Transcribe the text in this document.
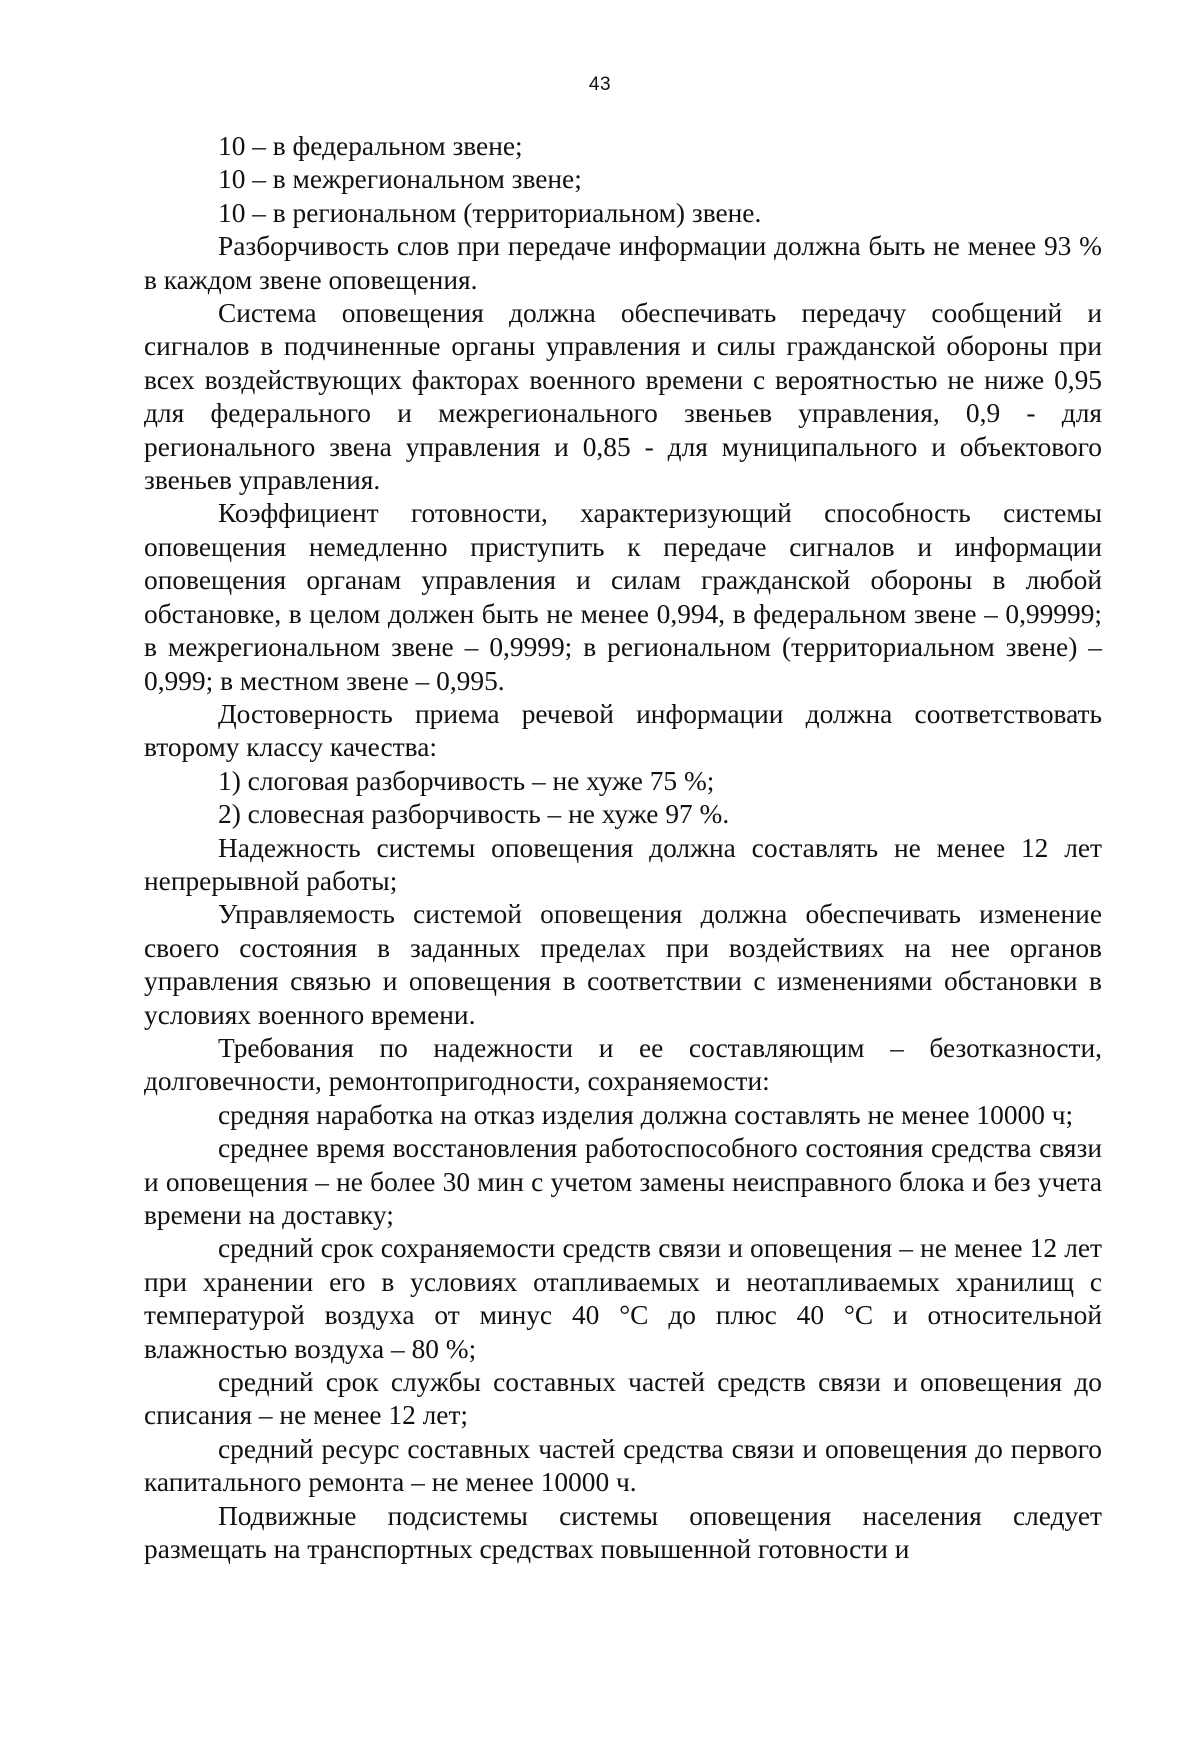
43

10 – в федеральном звене;

10 – в межрегиональном звене;

10 – в региональном (территориальном) звене.

Разборчивость слов при передаче информации должна быть не менее 93 % в каждом звене оповещения.

Система оповещения должна обеспечивать передачу сообщений и сигналов в подчиненные органы управления и силы гражданской обороны при всех воздействующих факторах военного времени с вероятностью не ниже 0,95 для федерального и межрегионального звеньев управления, 0,9 - для регионального звена управления и 0,85 - для муниципального и объектового звеньев управления.

Коэффициент готовности, характеризующий способность системы оповещения немедленно приступить к передаче сигналов и информации оповещения органам управления и силам гражданской обороны в любой обстановке, в целом должен быть не менее 0,994, в федеральном звене – 0,99999; в межрегиональном звене – 0,9999; в региональном (территориальном звене) – 0,999; в местном звене – 0,995.

Достоверность приема речевой информации должна соответствовать второму классу качества:

1) слоговая разборчивость – не хуже 75 %;

2) словесная разборчивость – не хуже 97 %.

Надежность системы оповещения должна составлять не менее 12 лет непрерывной работы;

Управляемость системой оповещения должна обеспечивать изменение своего состояния в заданных пределах при воздействиях на нее органов управления связью и оповещения в соответствии с изменениями обстановки в условиях военного времени.

Требования по надежности и ее составляющим – безотказности, долговечности, ремонтопригодности, сохраняемости:

средняя наработка на отказ изделия должна составлять не менее 10000 ч;

среднее время восстановления работоспособного состояния средства связи и оповещения – не более 30 мин с учетом замены неисправного блока и без учета времени на доставку;

средний срок сохраняемости средств связи и оповещения – не менее 12 лет при хранении его в условиях отапливаемых и неотапливаемых хранилищ с температурой воздуха от минус 40 °С до плюс 40 °С и относительной влажностью воздуха – 80 %;

средний срок службы составных частей средств связи и оповещения до списания – не менее 12 лет;

средний ресурс составных частей средства связи и оповещения до первого капитального ремонта – не менее 10000 ч.

Подвижные подсистемы системы оповещения населения следует размещать на транспортных средствах повышенной готовности и
